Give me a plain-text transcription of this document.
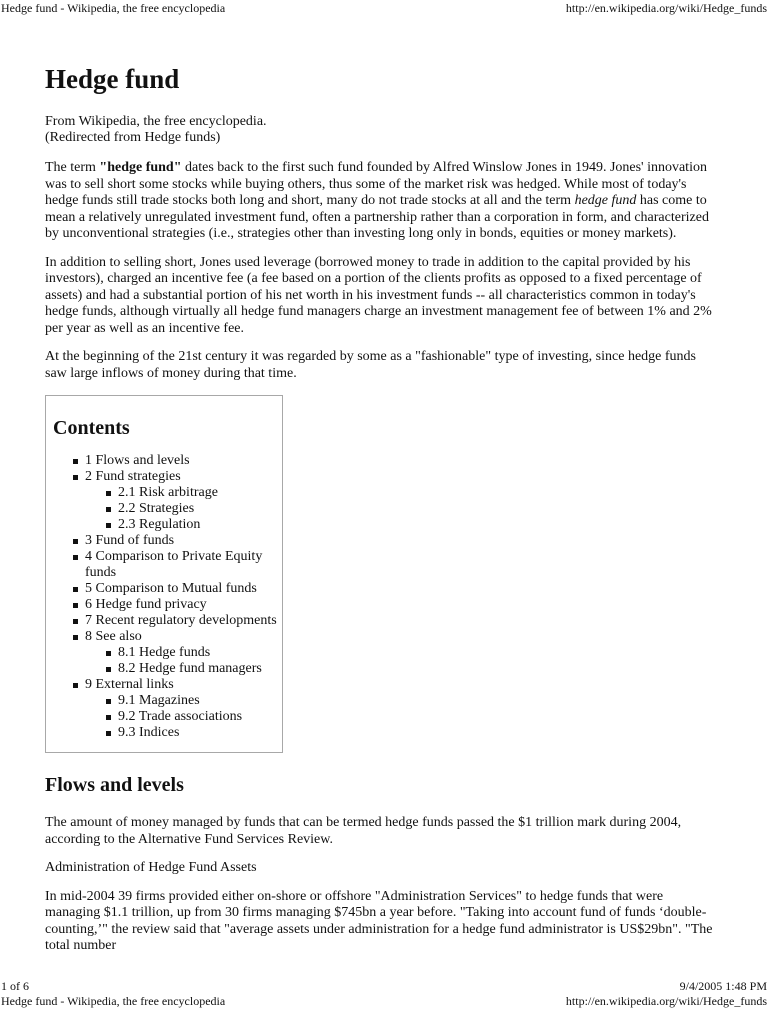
Hedge fund - Wikipedia, the free encyclopedia	http://en.wikipedia.org/wiki/Hedge_funds
Hedge fund
From Wikipedia, the free encyclopedia.
(Redirected from Hedge funds)

The term "hedge fund" dates back to the first such fund founded by Alfred Winslow Jones in 1949. Jones' innovation was to sell short some stocks while buying others, thus some of the market risk was hedged. While most of today's hedge funds still trade stocks both long and short, many do not trade stocks at all and the term hedge fund has come to mean a relatively unregulated investment fund, often a partnership rather than a corporation in form, and characterized by unconventional strategies (i.e., strategies other than investing long only in bonds, equities or money markets).

In addition to selling short, Jones used leverage (borrowed money to trade in addition to the capital provided by his investors), charged an incentive fee (a fee based on a portion of the clients profits as opposed to a fixed percentage of assets) and had a substantial portion of his net worth in his investment funds -- all characteristics common in today's hedge funds, although virtually all hedge fund managers charge an investment management fee of between 1% and 2% per year as well as an incentive fee.

At the beginning of the 21st century it was regarded by some as a "fashionable" type of investing, since hedge funds saw large inflows of money during that time.

Contents
1 Flows and levels
2 Fund strategies
2.1 Risk arbitrage
2.2 Strategies
2.3 Regulation
3 Fund of funds
4 Comparison to Private Equity funds
5 Comparison to Mutual funds
6 Hedge fund privacy
7 Recent regulatory developments
8 See also
8.1 Hedge funds
8.2 Hedge fund managers
9 External links
9.1 Magazines
9.2 Trade associations
9.3 Indices
Flows and levels

The amount of money managed by funds that can be termed hedge funds passed the $1 trillion mark during 2004, according to the Alternative Fund Services Review.

Administration of Hedge Fund Assets

In mid-2004 39 firms provided either on-shore or offshore "Administration Services" to hedge funds that were managing $1.1 trillion, up from 30 firms managing $745bn a year before. "Taking into account fund of funds ‘double-counting,’" the review said that "average assets under administration for a hedge fund administrator is US$29bn". "The total number

1 of 6	9/4/2005 1:48 PM
Hedge fund - Wikipedia, the free encyclopedia	http://en.wikipedia.org/wiki/Hedge_funds
